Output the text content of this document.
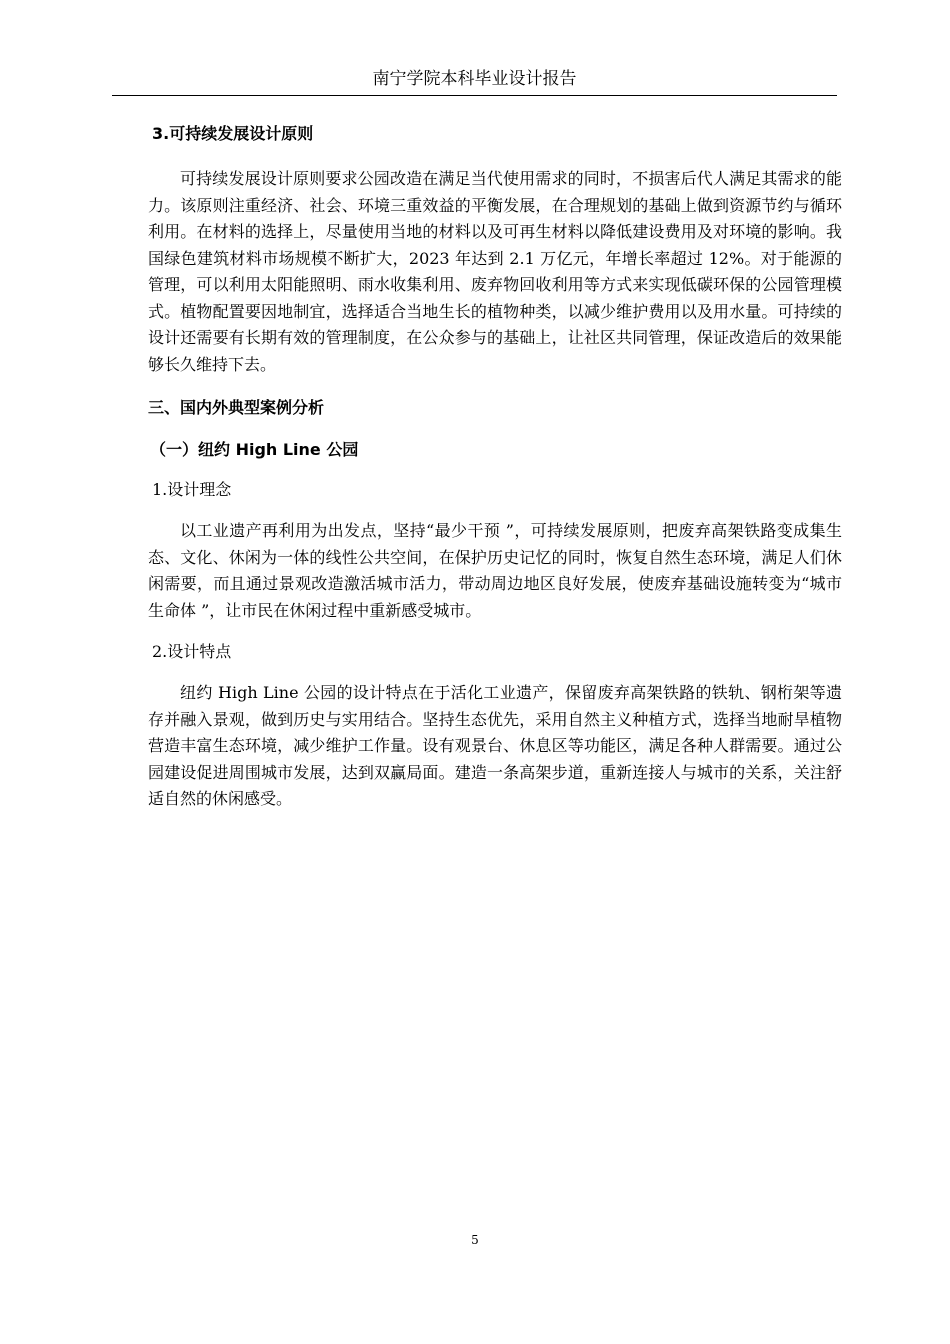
南宁学院本科毕业设计报告

3.可持续发展设计原则

可持续发展设计原则要求公园改造在满足当代使用需求的同时，不损害后代人满足其需求的能力。该原则注重经济、社会、环境三重效益的平衡发展，在合理规划的基础上做到资源节约与循环利用。在材料的选择上，尽量使用当地的材料以及可再生材料以降低建设费用及对环境的影响。我国绿色建筑材料市场规模不断扩大，2023 年达到 2.1 万亿元，年增长率超过 12%。对于能源的管理，可以利用太阳能照明、雨水收集利用、废弃物回收利用等方式来实现低碳环保的公园管理模式。植物配置要因地制宜，选择适合当地生长的植物种类，以减少维护费用以及用水量。可持续的设计还需要有长期有效的管理制度，在公众参与的基础上，让社区共同管理，保证改造后的效果能够长久维持下去。

三、国内外典型案例分析

（一）纽约 High Line 公园

1.设计理念

以工业遗产再利用为出发点，坚持“最少干预 ”，可持续发展原则，把废弃高架铁路变成集生态、文化、休闲为一体的线性公共空间，在保护历史记忆的同时，恢复自然生态环境，满足人们休闲需要，而且通过景观改造激活城市活力，带动周边地区良好发展，使废弃基础设施转变为“城市生命体 ”，让市民在休闲过程中重新感受城市。

2.设计特点

纽约 High Line 公园的设计特点在于活化工业遗产，保留废弃高架铁路的铁轨、钢桁架等遗存并融入景观，做到历史与实用结合。坚持生态优先，采用自然主义种植方式，选择当地耐旱植物营造丰富生态环境，减少维护工作量。设有观景台、休息区等功能区，满足各种人群需要。通过公园建设促进周围城市发展，达到双赢局面。建造一条高架步道，重新连接人与城市的关系，关注舒适自然的休闲感受。

5
